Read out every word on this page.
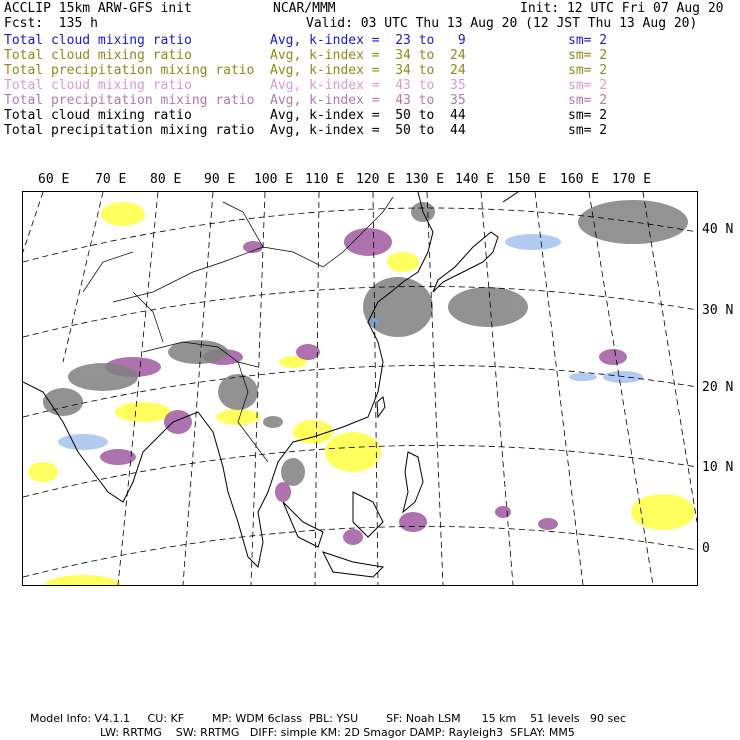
ACCLIP 15km ARW-GFS init	NCAR/MMM	Init: 12 UTC Fri 07 Aug 20
Fcst:  135 h	Valid: 03 UTC Thu 13 Aug 20 (12 JST Thu 13 Aug 20)
Total cloud mixing ratio	Avg, k-index =  23 to   9	sm= 2
Total cloud mixing ratio	Avg, k-index =  34 to  24	sm= 2
Total precipitation mixing ratio Avg, k-index =  34 to  24	sm= 2
Total cloud mixing ratio	Avg, k-index =  43 to  35	sm= 2
Total precipitation mixing ratio Avg, k-index =  43 to  35	sm= 2
Total cloud mixing ratio	Avg, k-index =  50 to  44	sm= 2
Total precipitation mixing ratio Avg, k-index =  50 to  44	sm= 2
60 E 70 E 80 E 90 E 100 E 110 E 120 E 130 E 140 E 150 E 160 E 170 E
40 N
30 N
20 N
10 N
0
Model Info: V4.1.1     CU: KF        MP: WDM 6class  PBL: YSU        SF: Noah LSM      15 km    51 levels   90 sec
LW: RRTMG    SW: RRTMG   DIFF: simple KM: 2D Smagor DAMP: Rayleigh3  SFLAY: MM5
